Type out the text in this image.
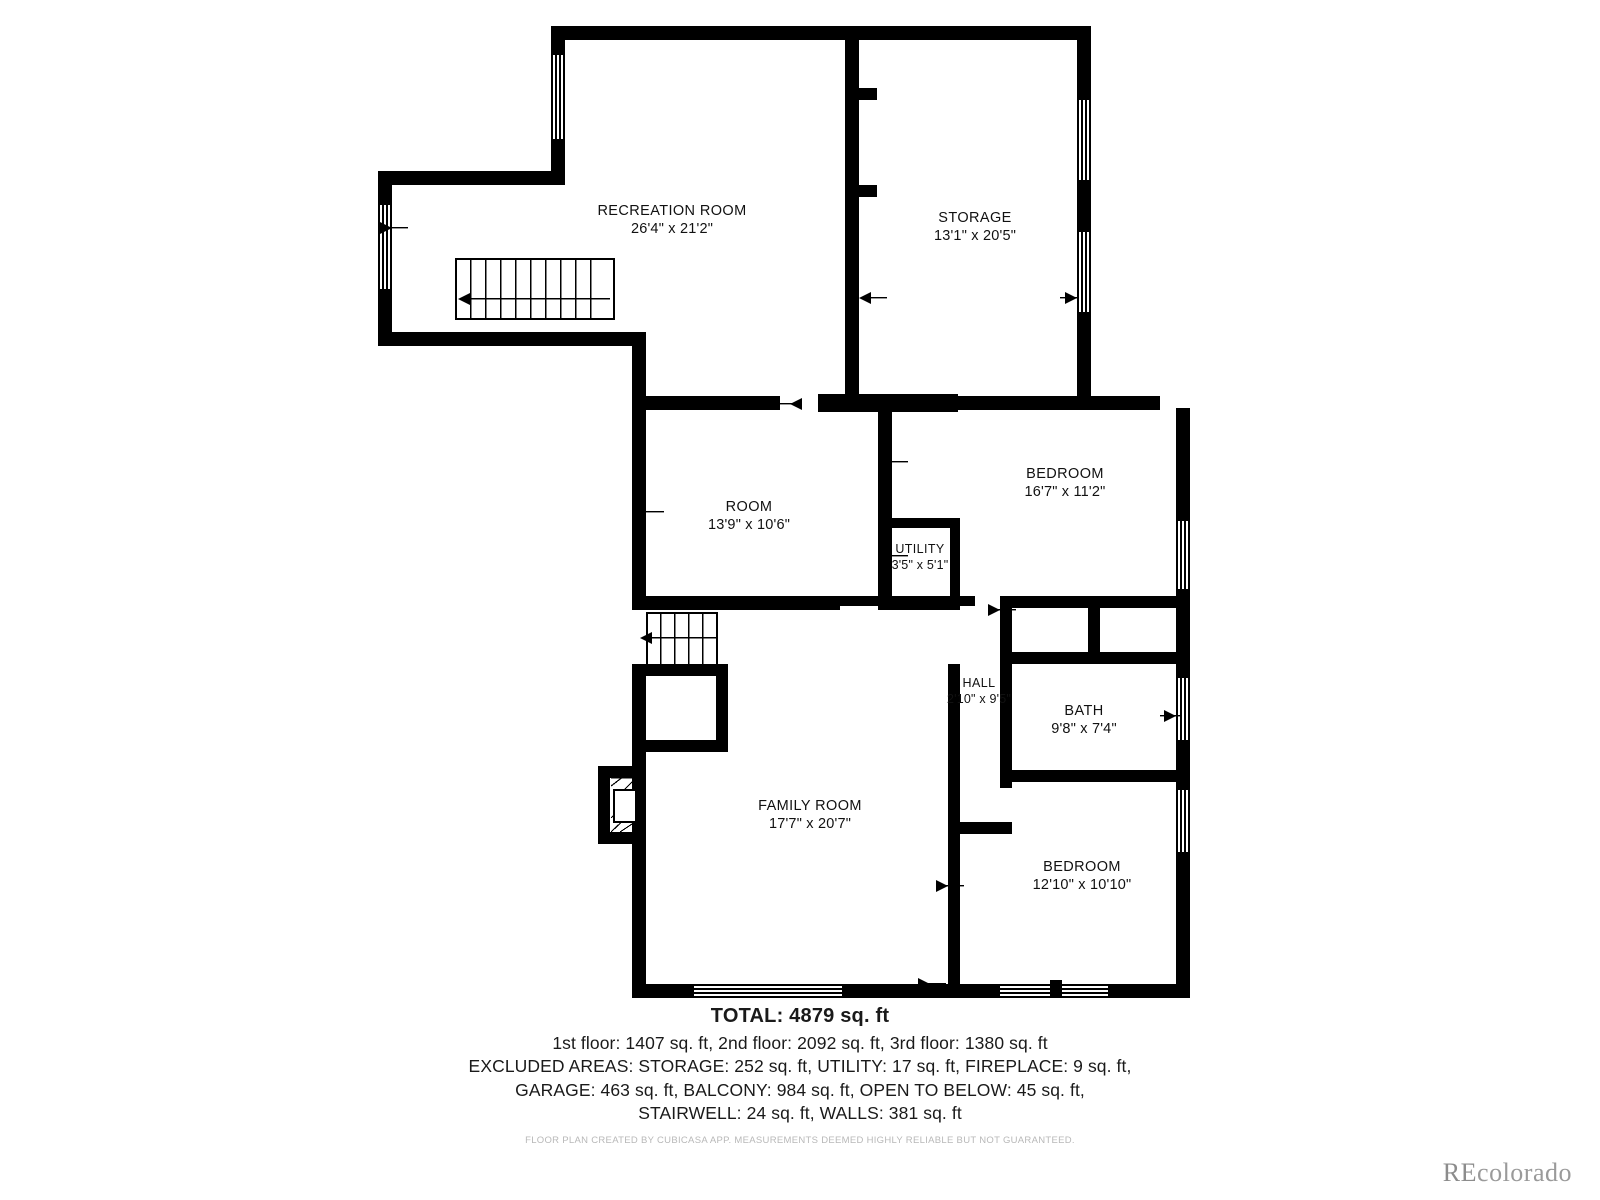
RECREATION ROOM
26'4" x 21'2"
STORAGE
13'1" x 20'5"
ROOM
13'9" x 10'6"
BEDROOM
16'7" x 11'2"
UTILITY
3'5" x 5'1"
HALL
2'10" x 9'5"
BATH
9'8" x 7'4"
FAMILY ROOM
17'7" x 20'7"
BEDROOM
12'10" x 10'10"
TOTAL: 4879 sq. ft
1st floor: 1407 sq. ft, 2nd floor: 2092 sq. ft, 3rd floor: 1380 sq. ft
EXCLUDED AREAS: STORAGE: 252 sq. ft, UTILITY: 17 sq. ft, FIREPLACE: 9 sq. ft,
GARAGE: 463 sq. ft, BALCONY: 984 sq. ft, OPEN TO BELOW: 45 sq. ft,
STAIRWELL: 24 sq. ft, WALLS: 381 sq. ft
FLOOR PLAN CREATED BY CUBICASA APP. MEASUREMENTS DEEMED HIGHLY RELIABLE BUT NOT GUARANTEED.
REcolorado
